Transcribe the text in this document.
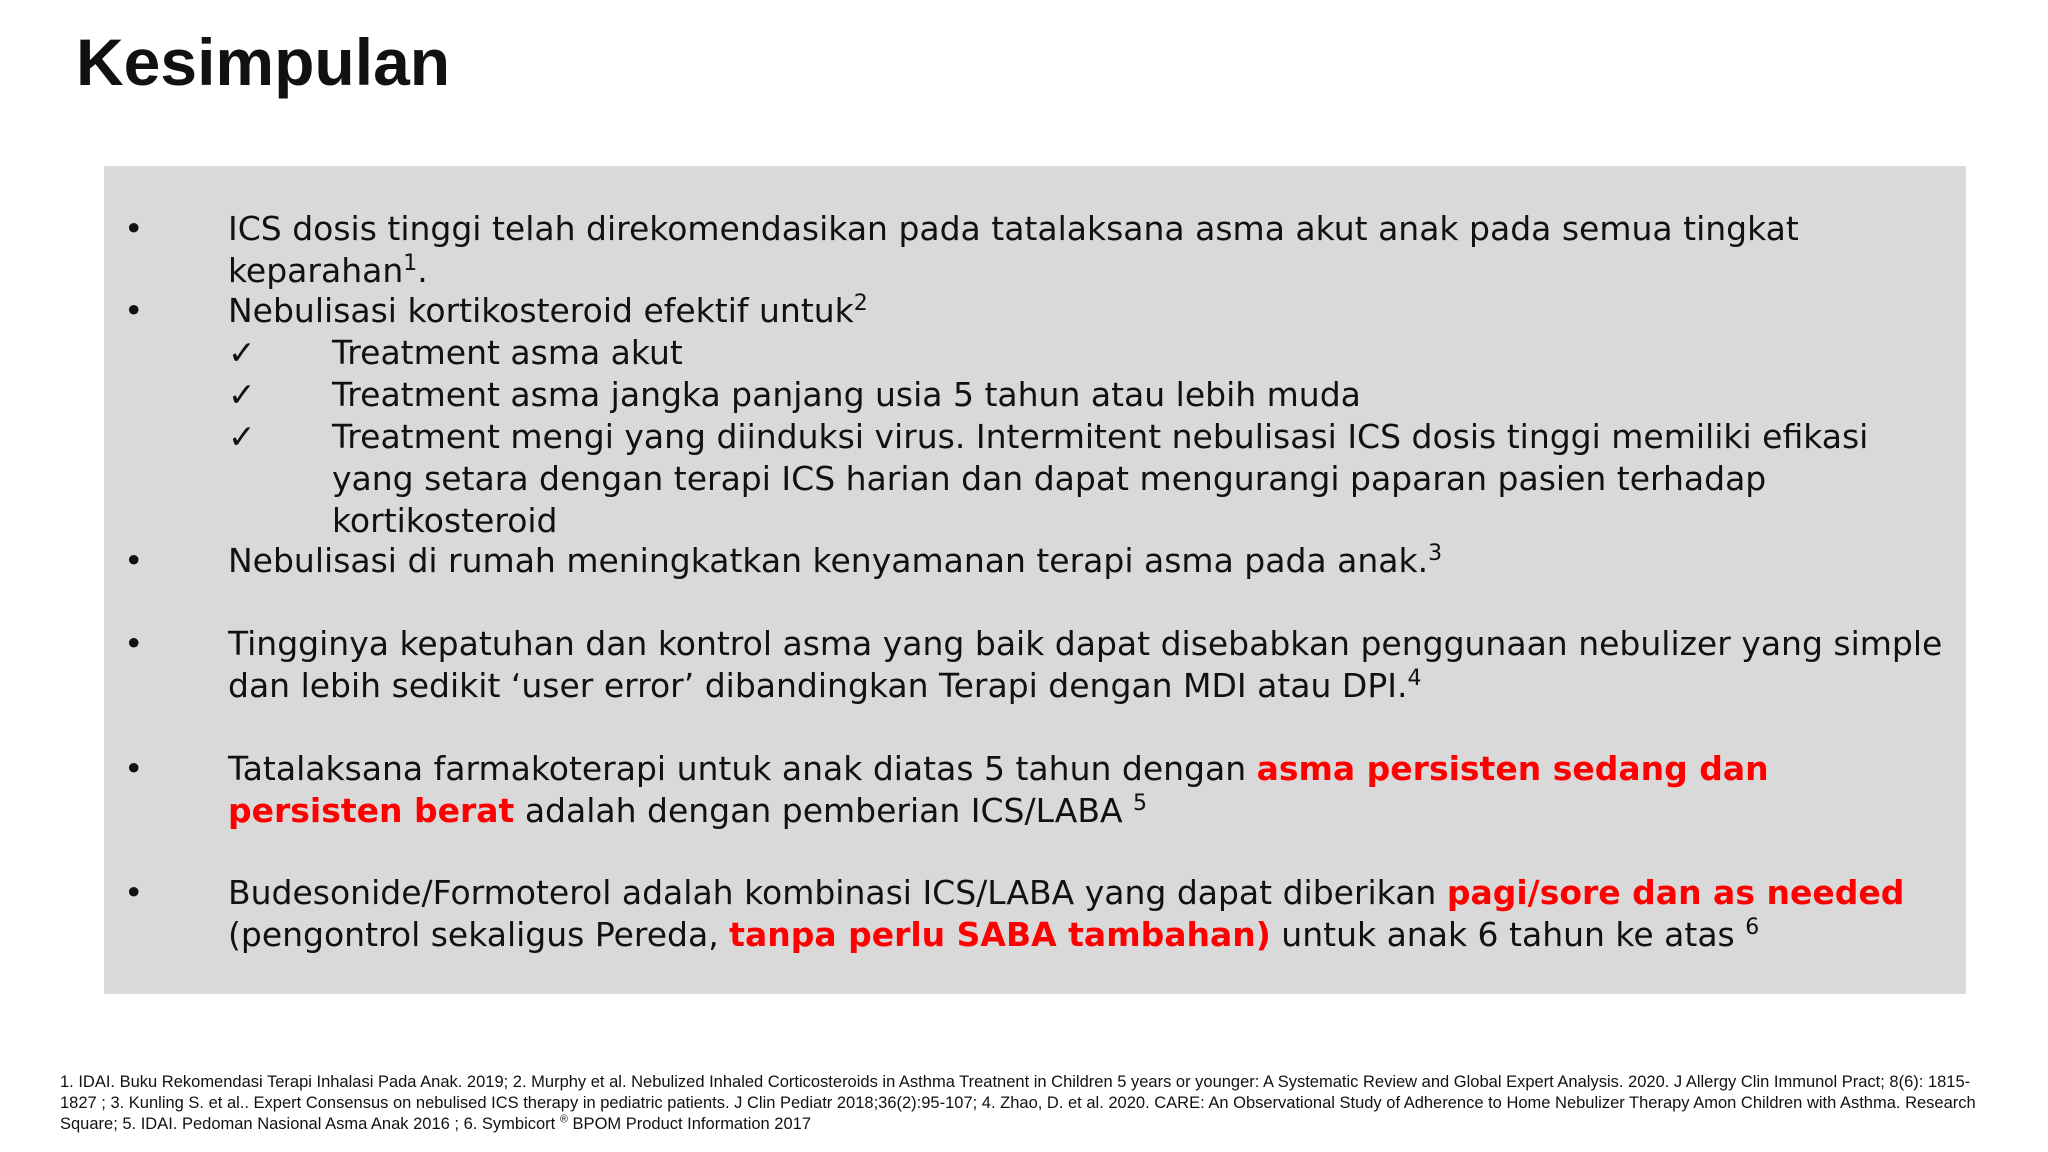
Kesimpulan
•	ICS dosis tinggi telah direkomendasikan pada tatalaksana asma akut anak pada semua tingkat keparahan$^1$.
•	Nebulisasi kortikosteroid efektif untuk$^2$
✓ Treatment asma akut
✓ Treatment asma jangka panjang usia 5 tahun atau lebih muda
✓ Treatment mengi yang diinduksi virus. Intermitent nebulisasi ICS dosis tinggi memiliki efikasi yang setara dengan terapi ICS harian dan dapat mengurangi paparan pasien terhadap kortikosteroid
•	Nebulisasi di rumah meningkatkan kenyamanan terapi asma pada anak.$^3$
•	Tingginya kepatuhan dan kontrol asma yang baik dapat disebabkan penggunaan nebulizer yang simple dan lebih sedikit ‘user error’ dibandingkan Terapi dengan MDI atau DPI.$^4$
•	Tatalaksana farmakoterapi untuk anak diatas 5 tahun dengan asma persisten sedang dan persisten berat adalah dengan pemberian ICS/LABA $^5$
•	Budesonide/Formoterol adalah kombinasi ICS/LABA yang dapat diberikan pagi/sore dan as needed (pengontrol sekaligus Pereda, tanpa perlu SABA tambahan) untuk anak 6 tahun ke atas $^6$
1. IDAI. Buku Rekomendasi Terapi Inhalasi Pada Anak. 2019; 2. Murphy et al. Nebulized Inhaled Corticosteroids in Asthma Treatnent in Children 5 years or younger: A Systematic Review and Global Expert Analysis. 2020. J Allergy Clin Immunol Pract; 8(6): 1815-1827 ; 3. Kunling S. et al.. Expert Consensus on nebulised ICS therapy in pediatric patients. J Clin Pediatr 2018;36(2):95-107; 4. Zhao, D. et al. 2020. CARE: An Observational Study of Adherence to Home Nebulizer Therapy Amon Children with Asthma. Research Square; 5. IDAI. Pedoman Nasional Asma Anak 2016 ; 6. Symbicort ® BPOM Product Information 2017
